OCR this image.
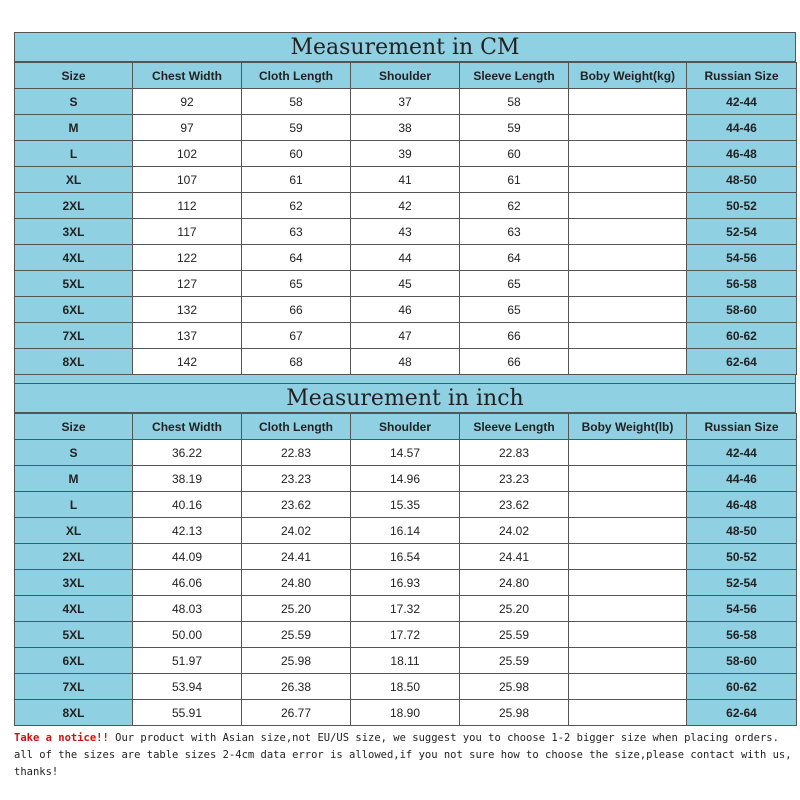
Measurement in CM
Size	Chest Width	Cloth Length	Shoulder	Sleeve Length	Boby Weight(kg)	Russian Size
S	92	58	37	58		42-44
M	97	59	38	59		44-46
L	102	60	39	60		46-48
XL	107	61	41	61		48-50
2XL	112	62	42	62		50-52
3XL	117	63	43	63		52-54
4XL	122	64	44	64		54-56
5XL	127	65	45	65		56-58
6XL	132	66	46	65		58-60
7XL	137	67	47	66		60-62
8XL	142	68	48	66		62-64
Measurement in inch
Size	Chest Width	Cloth Length	Shoulder	Sleeve Length	Boby Weight(lb)	Russian Size
S	36.22	22.83	14.57	22.83		42-44
M	38.19	23.23	14.96	23.23		44-46
L	40.16	23.62	15.35	23.62		46-48
XL	42.13	24.02	16.14	24.02		48-50
2XL	44.09	24.41	16.54	24.41		50-52
3XL	46.06	24.80	16.93	24.80		52-54
4XL	48.03	25.20	17.32	25.20		54-56
5XL	50.00	25.59	17.72	25.59		56-58
6XL	51.97	25.98	18.11	25.59		58-60
7XL	53.94	26.38	18.50	25.98		60-62
8XL	55.91	26.77	18.90	25.98		62-64
Take a notice!! Our product with Asian size,not EU/US size, we suggest you to choose 1-2 bigger size when placing orders. all of the sizes are table sizes 2-4cm data error is allowed,if you not sure how to choose the size,please contact with us, thanks!
